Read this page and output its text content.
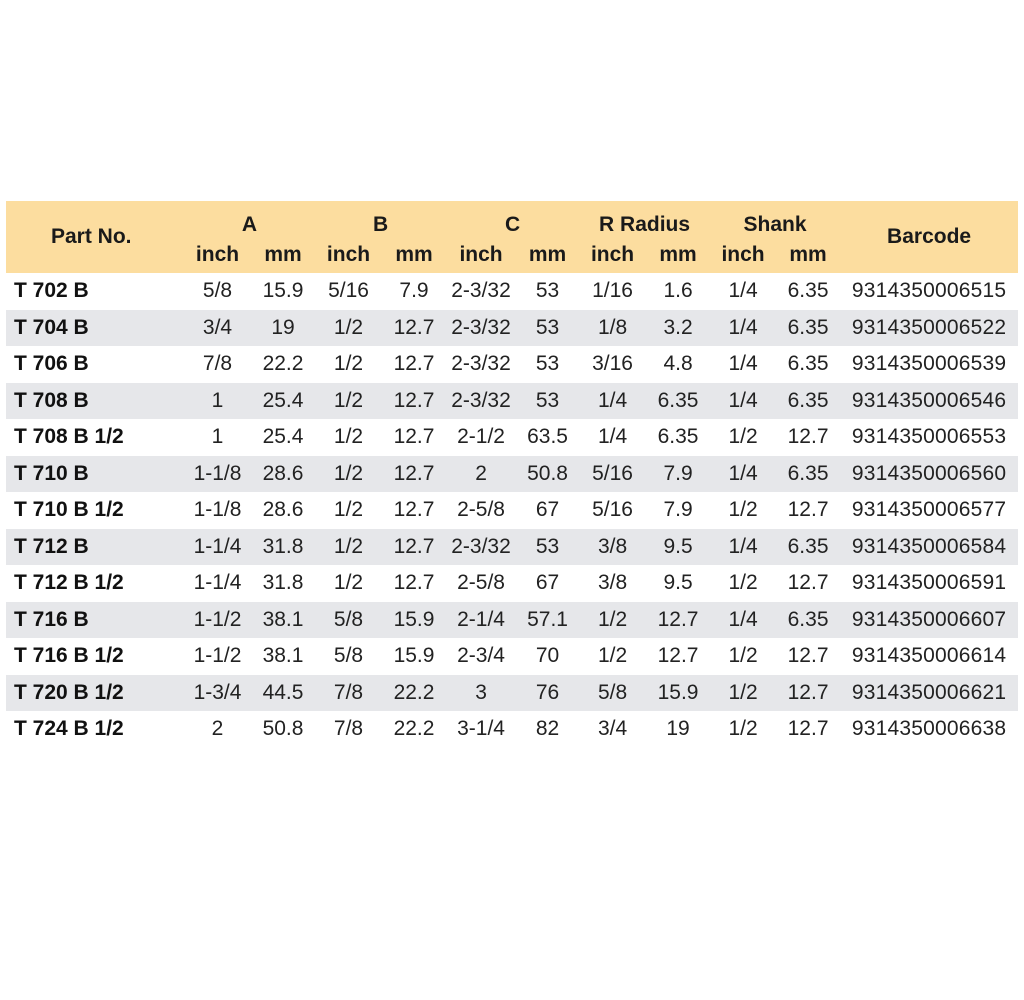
Part No.	A		B		C		R Radius		Shank		Barcode
	inch	mm	inch	mm	inch	mm	inch	mm	inch	mm	
T 702 B	5/8	15.9	5/16	7.9	2-3/32	53	1/16	1.6	1/4	6.35	9314350006515
T 704 B	3/4	19	1/2	12.7	2-3/32	53	1/8	3.2	1/4	6.35	9314350006522
T 706 B	7/8	22.2	1/2	12.7	2-3/32	53	3/16	4.8	1/4	6.35	9314350006539
T 708 B	1	25.4	1/2	12.7	2-3/32	53	1/4	6.35	1/4	6.35	9314350006546
T 708 B 1/2	1	25.4	1/2	12.7	2-1/2	63.5	1/4	6.35	1/2	12.7	9314350006553
T 710 B	1-1/8	28.6	1/2	12.7	2	50.8	5/16	7.9	1/4	6.35	9314350006560
T 710 B 1/2	1-1/8	28.6	1/2	12.7	2-5/8	67	5/16	7.9	1/2	12.7	9314350006577
T 712 B	1-1/4	31.8	1/2	12.7	2-3/32	53	3/8	9.5	1/4	6.35	9314350006584
T 712 B 1/2	1-1/4	31.8	1/2	12.7	2-5/8	67	3/8	9.5	1/2	12.7	9314350006591
T 716 B	1-1/2	38.1	5/8	15.9	2-1/4	57.1	1/2	12.7	1/4	6.35	9314350006607
T 716 B 1/2	1-1/2	38.1	5/8	15.9	2-3/4	70	1/2	12.7	1/2	12.7	9314350006614
T 720 B 1/2	1-3/4	44.5	7/8	22.2	3	76	5/8	15.9	1/2	12.7	9314350006621
T 724 B 1/2	2	50.8	7/8	22.2	3-1/4	82	3/4	19	1/2	12.7	9314350006638
